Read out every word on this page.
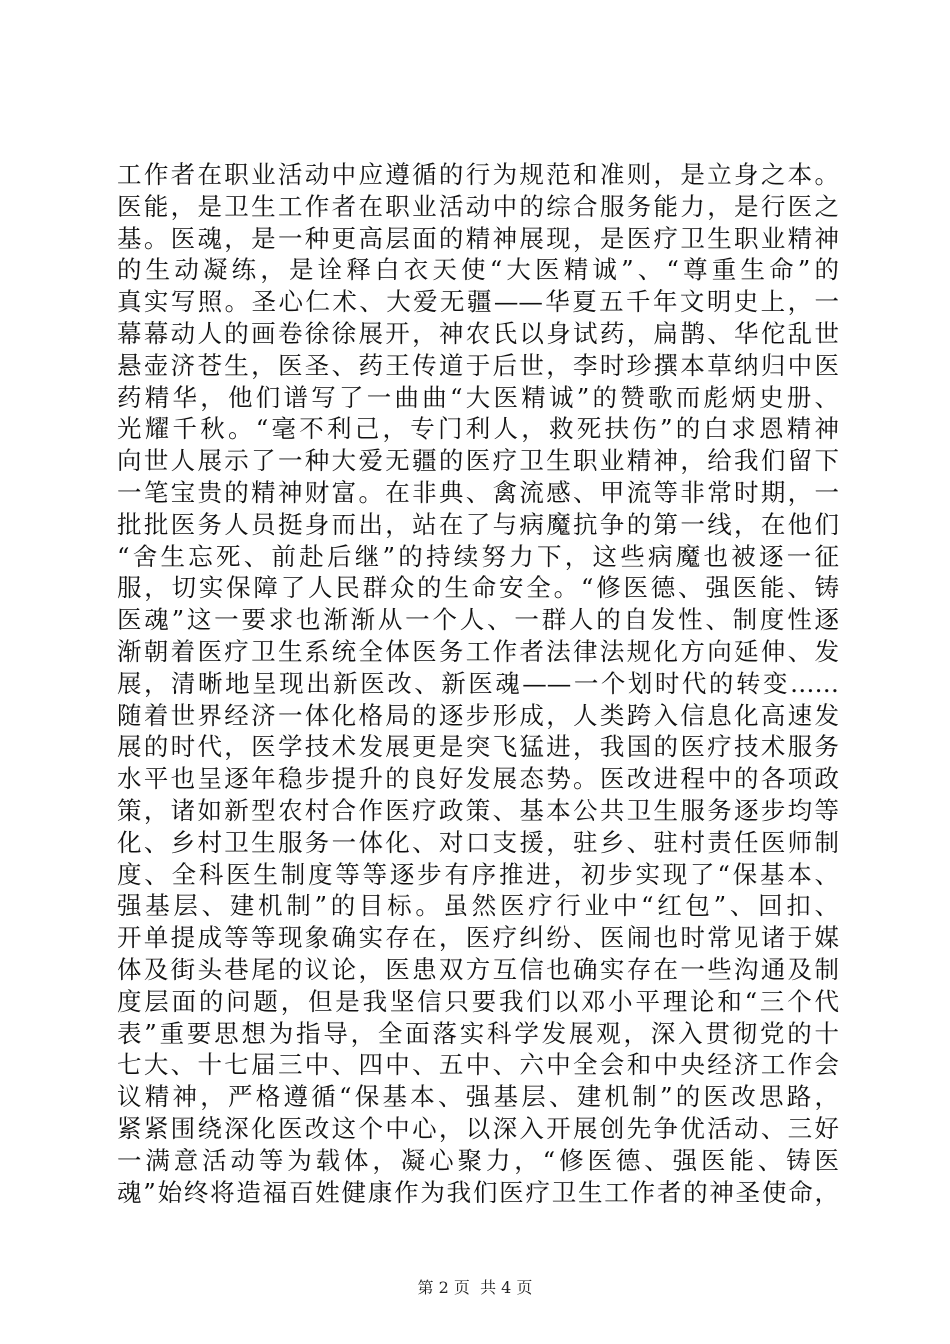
工作者在职业活动中应遵循的行为规范和准则，是立身之本。
医能，是卫生工作者在职业活动中的综合服务能力，是行医之
基。医魂，是一种更高层面的精神展现，是医疗卫生职业精神
的生动凝练，是诠释白衣天使“大医精诚”、“尊重生命”的
真实写照。圣心仁术、大爱无疆——华夏五千年文明史上，一
幕幕动人的画卷徐徐展开，神农氏以身试药，扁鹊、华佗乱世
悬壶济苍生，医圣、药王传道于后世，李时珍撰本草纳归中医
药精华，他们谱写了一曲曲“大医精诚”的赞歌而彪炳史册、
光耀千秋。“毫不利己，专门利人，救死扶伤”的白求恩精神
向世人展示了一种大爱无疆的医疗卫生职业精神，给我们留下
一笔宝贵的精神财富。在非典、禽流感、甲流等非常时期，一
批批医务人员挺身而出，站在了与病魔抗争的第一线，在他们
“舍生忘死、前赴后继”的持续努力下，这些病魔也被逐一征
服，切实保障了人民群众的生命安全。“修医德、强医能、铸
医魂”这一要求也渐渐从一个人、一群人的自发性、制度性逐
渐朝着医疗卫生系统全体医务工作者法律法规化方向延伸、发
展，清晰地呈现出新医改、新医魂——一个划时代的转变……
随着世界经济一体化格局的逐步形成，人类跨入信息化高速发
展的时代，医学技术发展更是突飞猛进，我国的医疗技术服务
水平也呈逐年稳步提升的良好发展态势。医改进程中的各项政
策，诸如新型农村合作医疗政策、基本公共卫生服务逐步均等
化、乡村卫生服务一体化、对口支援，驻乡、驻村责任医师制
度、全科医生制度等等逐步有序推进，初步实现了“保基本、
强基层、建机制”的目标。虽然医疗行业中“红包”、回扣、
开单提成等等现象确实存在，医疗纠纷、医闹也时常见诸于媒
体及街头巷尾的议论，医患双方互信也确实存在一些沟通及制
度层面的问题，但是我坚信只要我们以邓小平理论和“三个代
表”重要思想为指导，全面落实科学发展观，深入贯彻党的十
七大、十七届三中、四中、五中、六中全会和中央经济工作会
议精神，严格遵循“保基本、强基层、建机制”的医改思路，
紧紧围绕深化医改这个中心，以深入开展创先争优活动、三好
一满意活动等为载体，凝心聚力，“修医德、强医能、铸医
魂”始终将造福百姓健康作为我们医疗卫生工作者的神圣使命，
第 2 页  共 4 页
